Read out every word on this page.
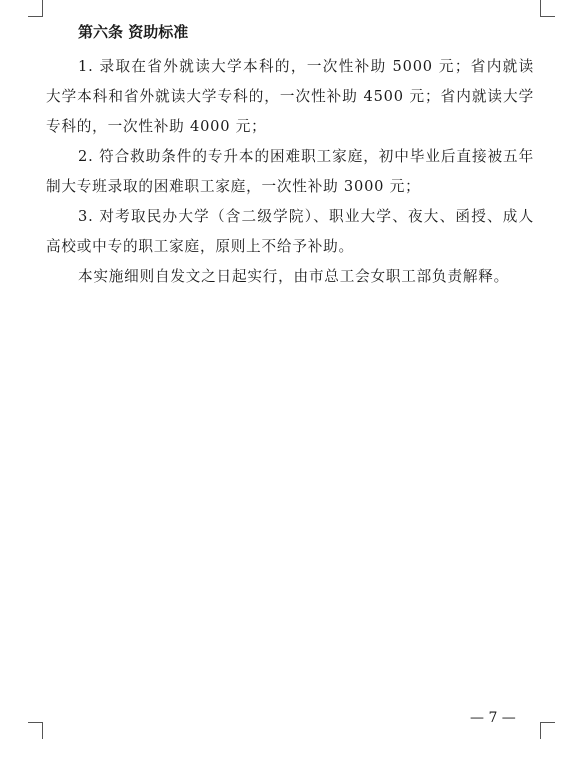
第六条 资助标准

1. 录取在省外就读大学本科的，一次性补助 5000 元；省内就读大学本科和省外就读大学专科的，一次性补助 4500 元；省内就读大学专科的，一次性补助 4000 元；

2. 符合救助条件的专升本的困难职工家庭，初中毕业后直接被五年制大专班录取的困难职工家庭，一次性补助 3000 元；

3. 对考取民办大学（含二级学院）、职业大学、夜大、函授、成人高校或中专的职工家庭，原则上不给予补助。

本实施细则自发文之日起实行，由市总工会女职工部负责解释。

— 7 —
